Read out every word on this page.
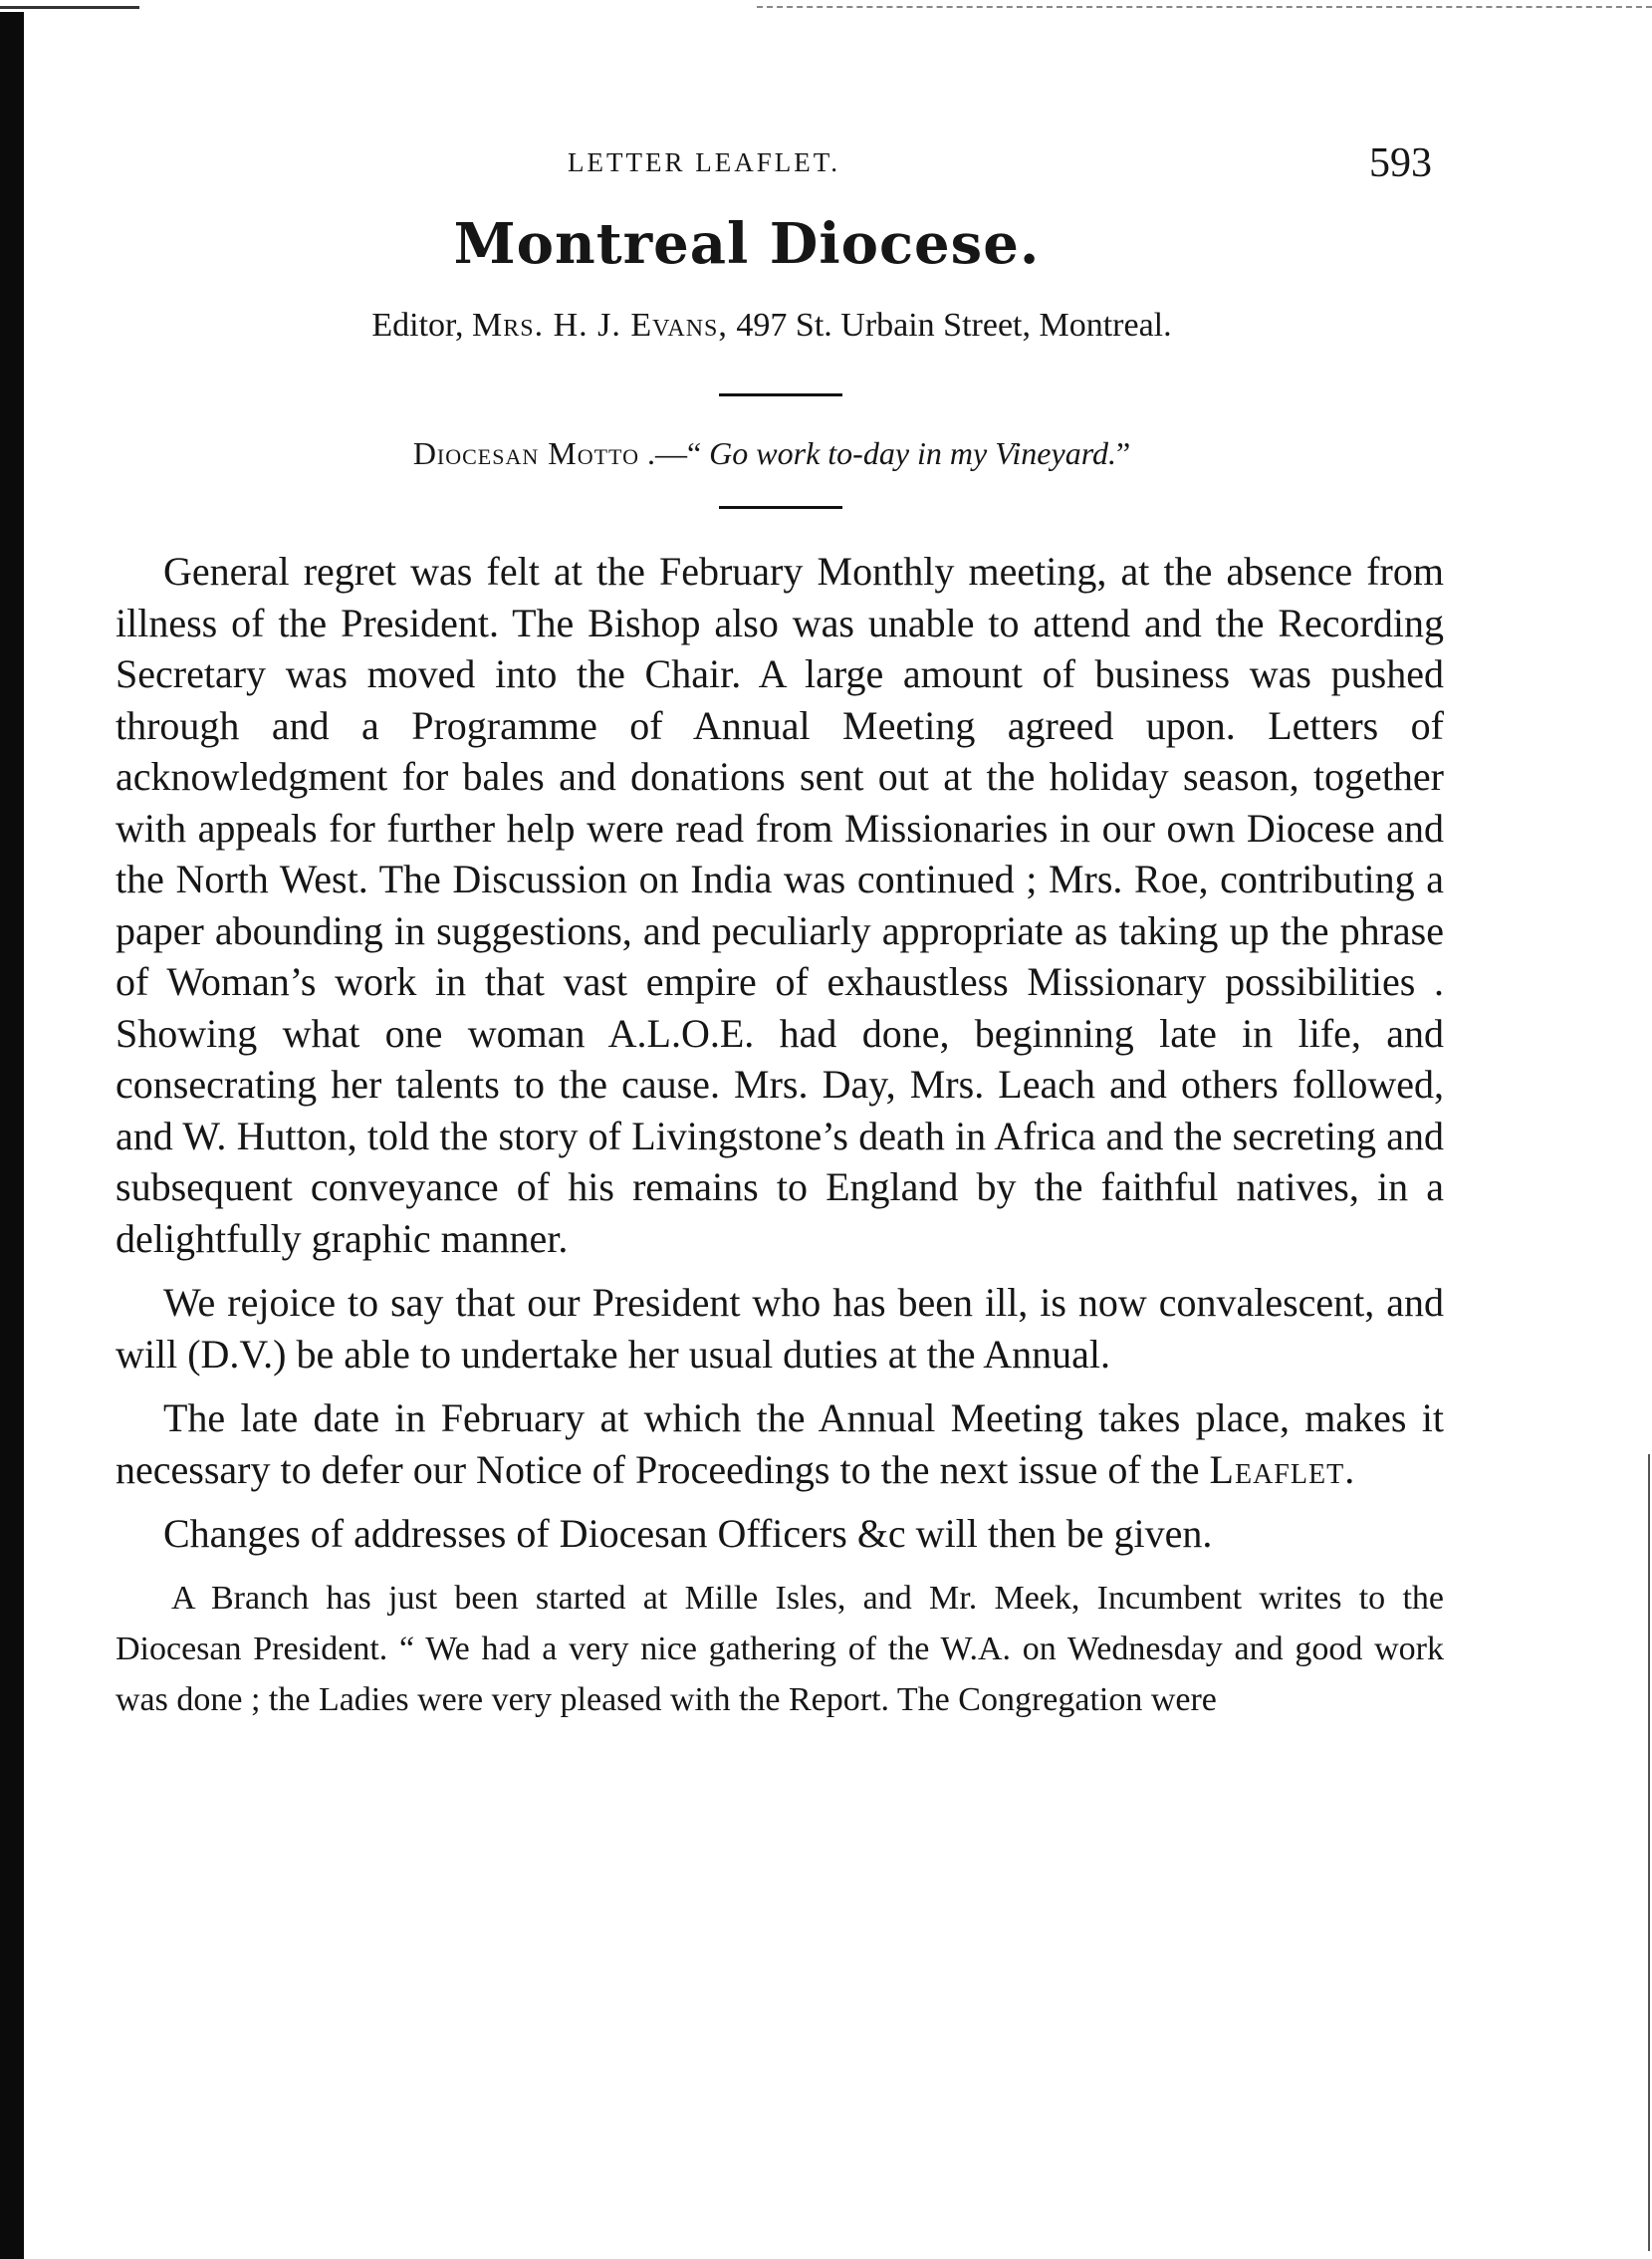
LETTER LEAFLET.	593
Montreal Diocese.
Editor, Mrs. H. J. Evans, 497 St. Urbain Street, Montreal.
Diocesan Motto .—“ Go work to-day in my Vineyard.”

General regret was felt at the February Monthly meeting, at the absence from illness of the President. The Bishop also was unable to attend and the Recording Secretary was moved into the Chair. A large amount of business was pushed through and a Programme of Annual Meeting agreed upon. Letters of acknowledgment for bales and donations sent out at the holiday season, together with appeals for further help were read from Missionaries in our own Diocese and the North West. The Discussion on India was continued ; Mrs. Roe, contributing a paper abounding in suggestions, and peculiarly appropriate as taking up the phrase of Woman’s work in that vast empire of exhaustless Missionary possibilities . Showing what one woman A.L.O.E. had done, beginning late in life, and consecrating her talents to the cause. Mrs. Day, Mrs. Leach and others followed, and W. Hutton, told the story of Livingstone’s death in Africa and the secreting and subsequent conveyance of his remains to England by the faithful natives, in a delightfully graphic manner.

We rejoice to say that our President who has been ill, is now convalescent, and will (D.V.) be able to undertake her usual duties at the Annual.

The late date in February at which the Annual Meeting takes place, makes it necessary to defer our Notice of Proceedings to the next issue of the Leaflet.

Changes of addresses of Diocesan Officers &c will then be given.

A Branch has just been started at Mille Isles, and Mr. Meek, Incumbent writes to the Diocesan President. “ We had a very nice gathering of the W.A. on Wednesday and good work was done ; the Ladies were very pleased with the Report. The Congregation were
